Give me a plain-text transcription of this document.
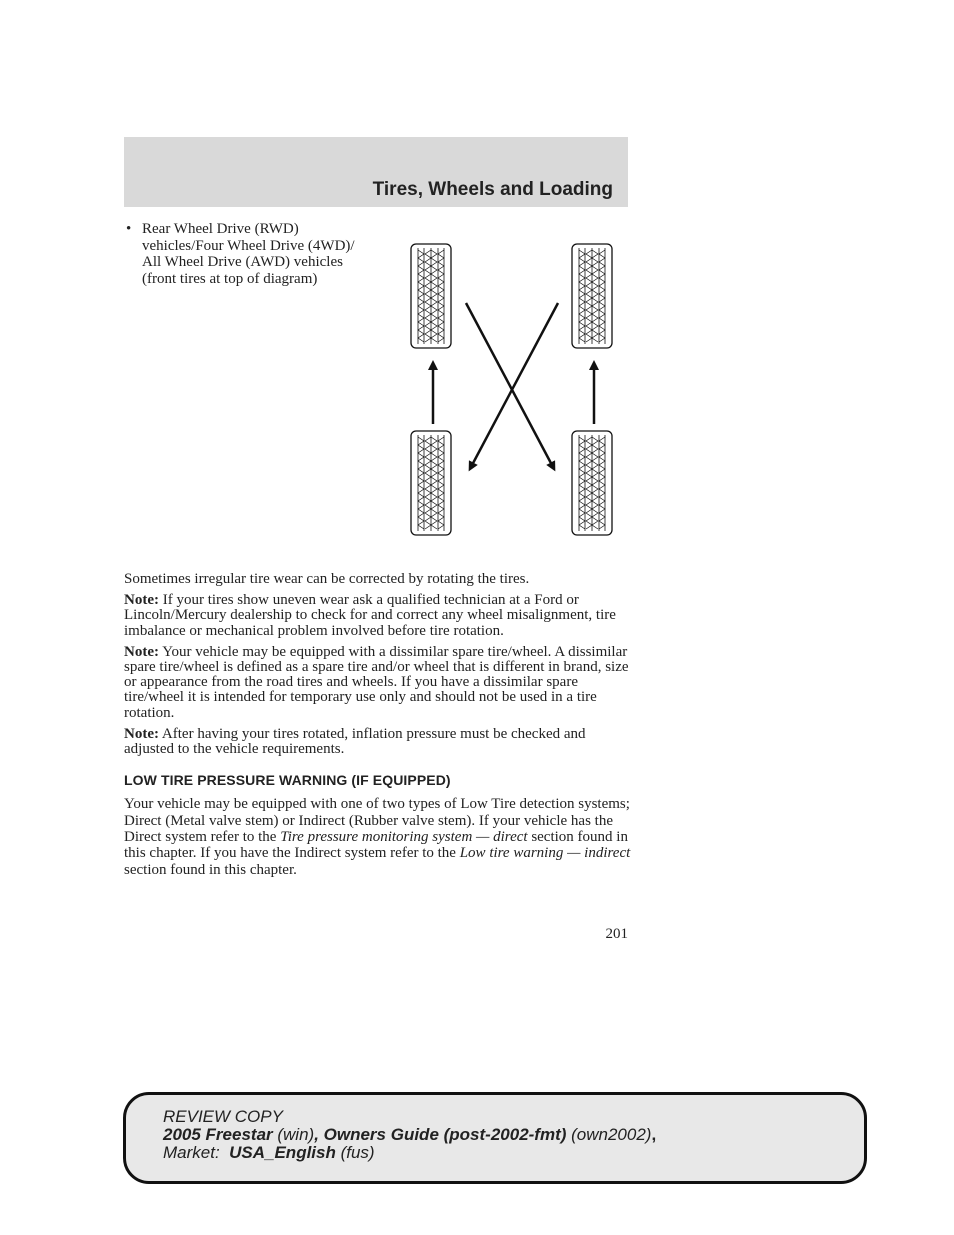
Tires, Wheels and Loading
• Rear Wheel Drive (RWD) vehicles/Four Wheel Drive (4WD)/ All Wheel Drive (AWD) vehicles (front tires at top of diagram)

Sometimes irregular tire wear can be corrected by rotating the tires.

Note: If your tires show uneven wear ask a qualified technician at a Ford or Lincoln/Mercury dealership to check for and correct any wheel misalignment, tire imbalance or mechanical problem involved before tire rotation.

Note: Your vehicle may be equipped with a dissimilar spare tire/wheel. A dissimilar spare tire/wheel is defined as a spare tire and/or wheel that is different in brand, size or appearance from the road tires and wheels. If you have a dissimilar spare tire/wheel it is intended for temporary use only and should not be used in a tire rotation.

Note: After having your tires rotated, inflation pressure must be checked and adjusted to the vehicle requirements.

LOW TIRE PRESSURE WARNING (IF EQUIPPED)

Your vehicle may be equipped with one of two types of Low Tire detection systems; Direct (Metal valve stem) or Indirect (Rubber valve stem). If your vehicle has the Direct system refer to the Tire pressure monitoring system — direct section found in this chapter. If you have the Indirect system refer to the Low tire warning — indirect section found in this chapter.

201
REVIEW COPY
2005 Freestar (win), Owners Guide (post-2002-fmt) (own2002),
Market:  USA_English (fus)
